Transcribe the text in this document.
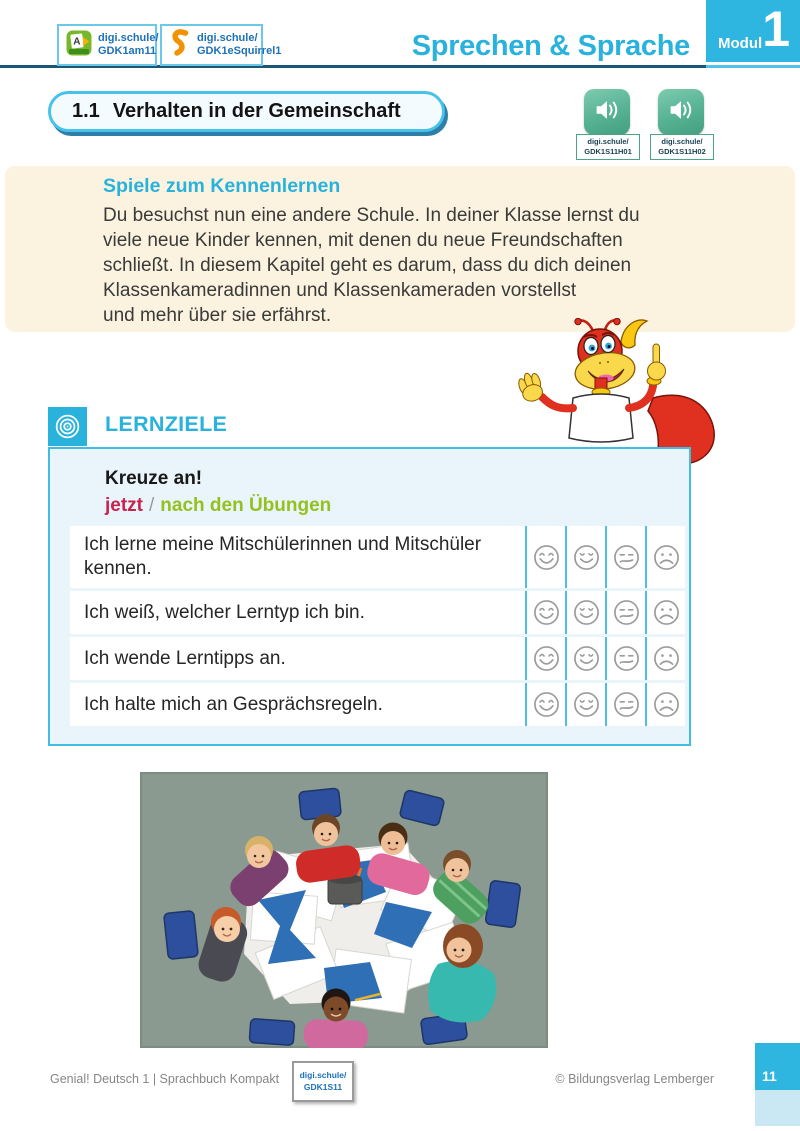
A digi.schule/
GDK1am11
digi.schule/
GDK1eSquirrel1	Sprechen & Sprache Modul 1
1.1 Verhalten in der Gemeinschaft
digi.schule/
GDK1S11H01
digi.schule/
GDK1S11H02
Spiele zum Kennenlernen
Du besuchst nun eine andere Schule. In deiner Klasse lernst du
viele neue Kinder kennen, mit denen du neue Freundschaften
schließt. In diesem Kapitel geht es darum, dass du dich deinen
Klassenkameradinnen und Klassenkameraden vorstellst
und mehr über sie erfährst.
LERNZIELE
Kreuze an!
jetzt / nach den Übungen
Ich lerne meine Mitschülerinnen und Mitschüler kennen.
Ich weiß, welcher Lerntyp ich bin.
Ich wende Lerntipps an.
Ich halte mich an Gesprächsregeln.
Genial! Deutsch 1 | Sprachbuch Kompakt digi.schule/
GDK1S11
© Bildungsverlag Lemberger	11
